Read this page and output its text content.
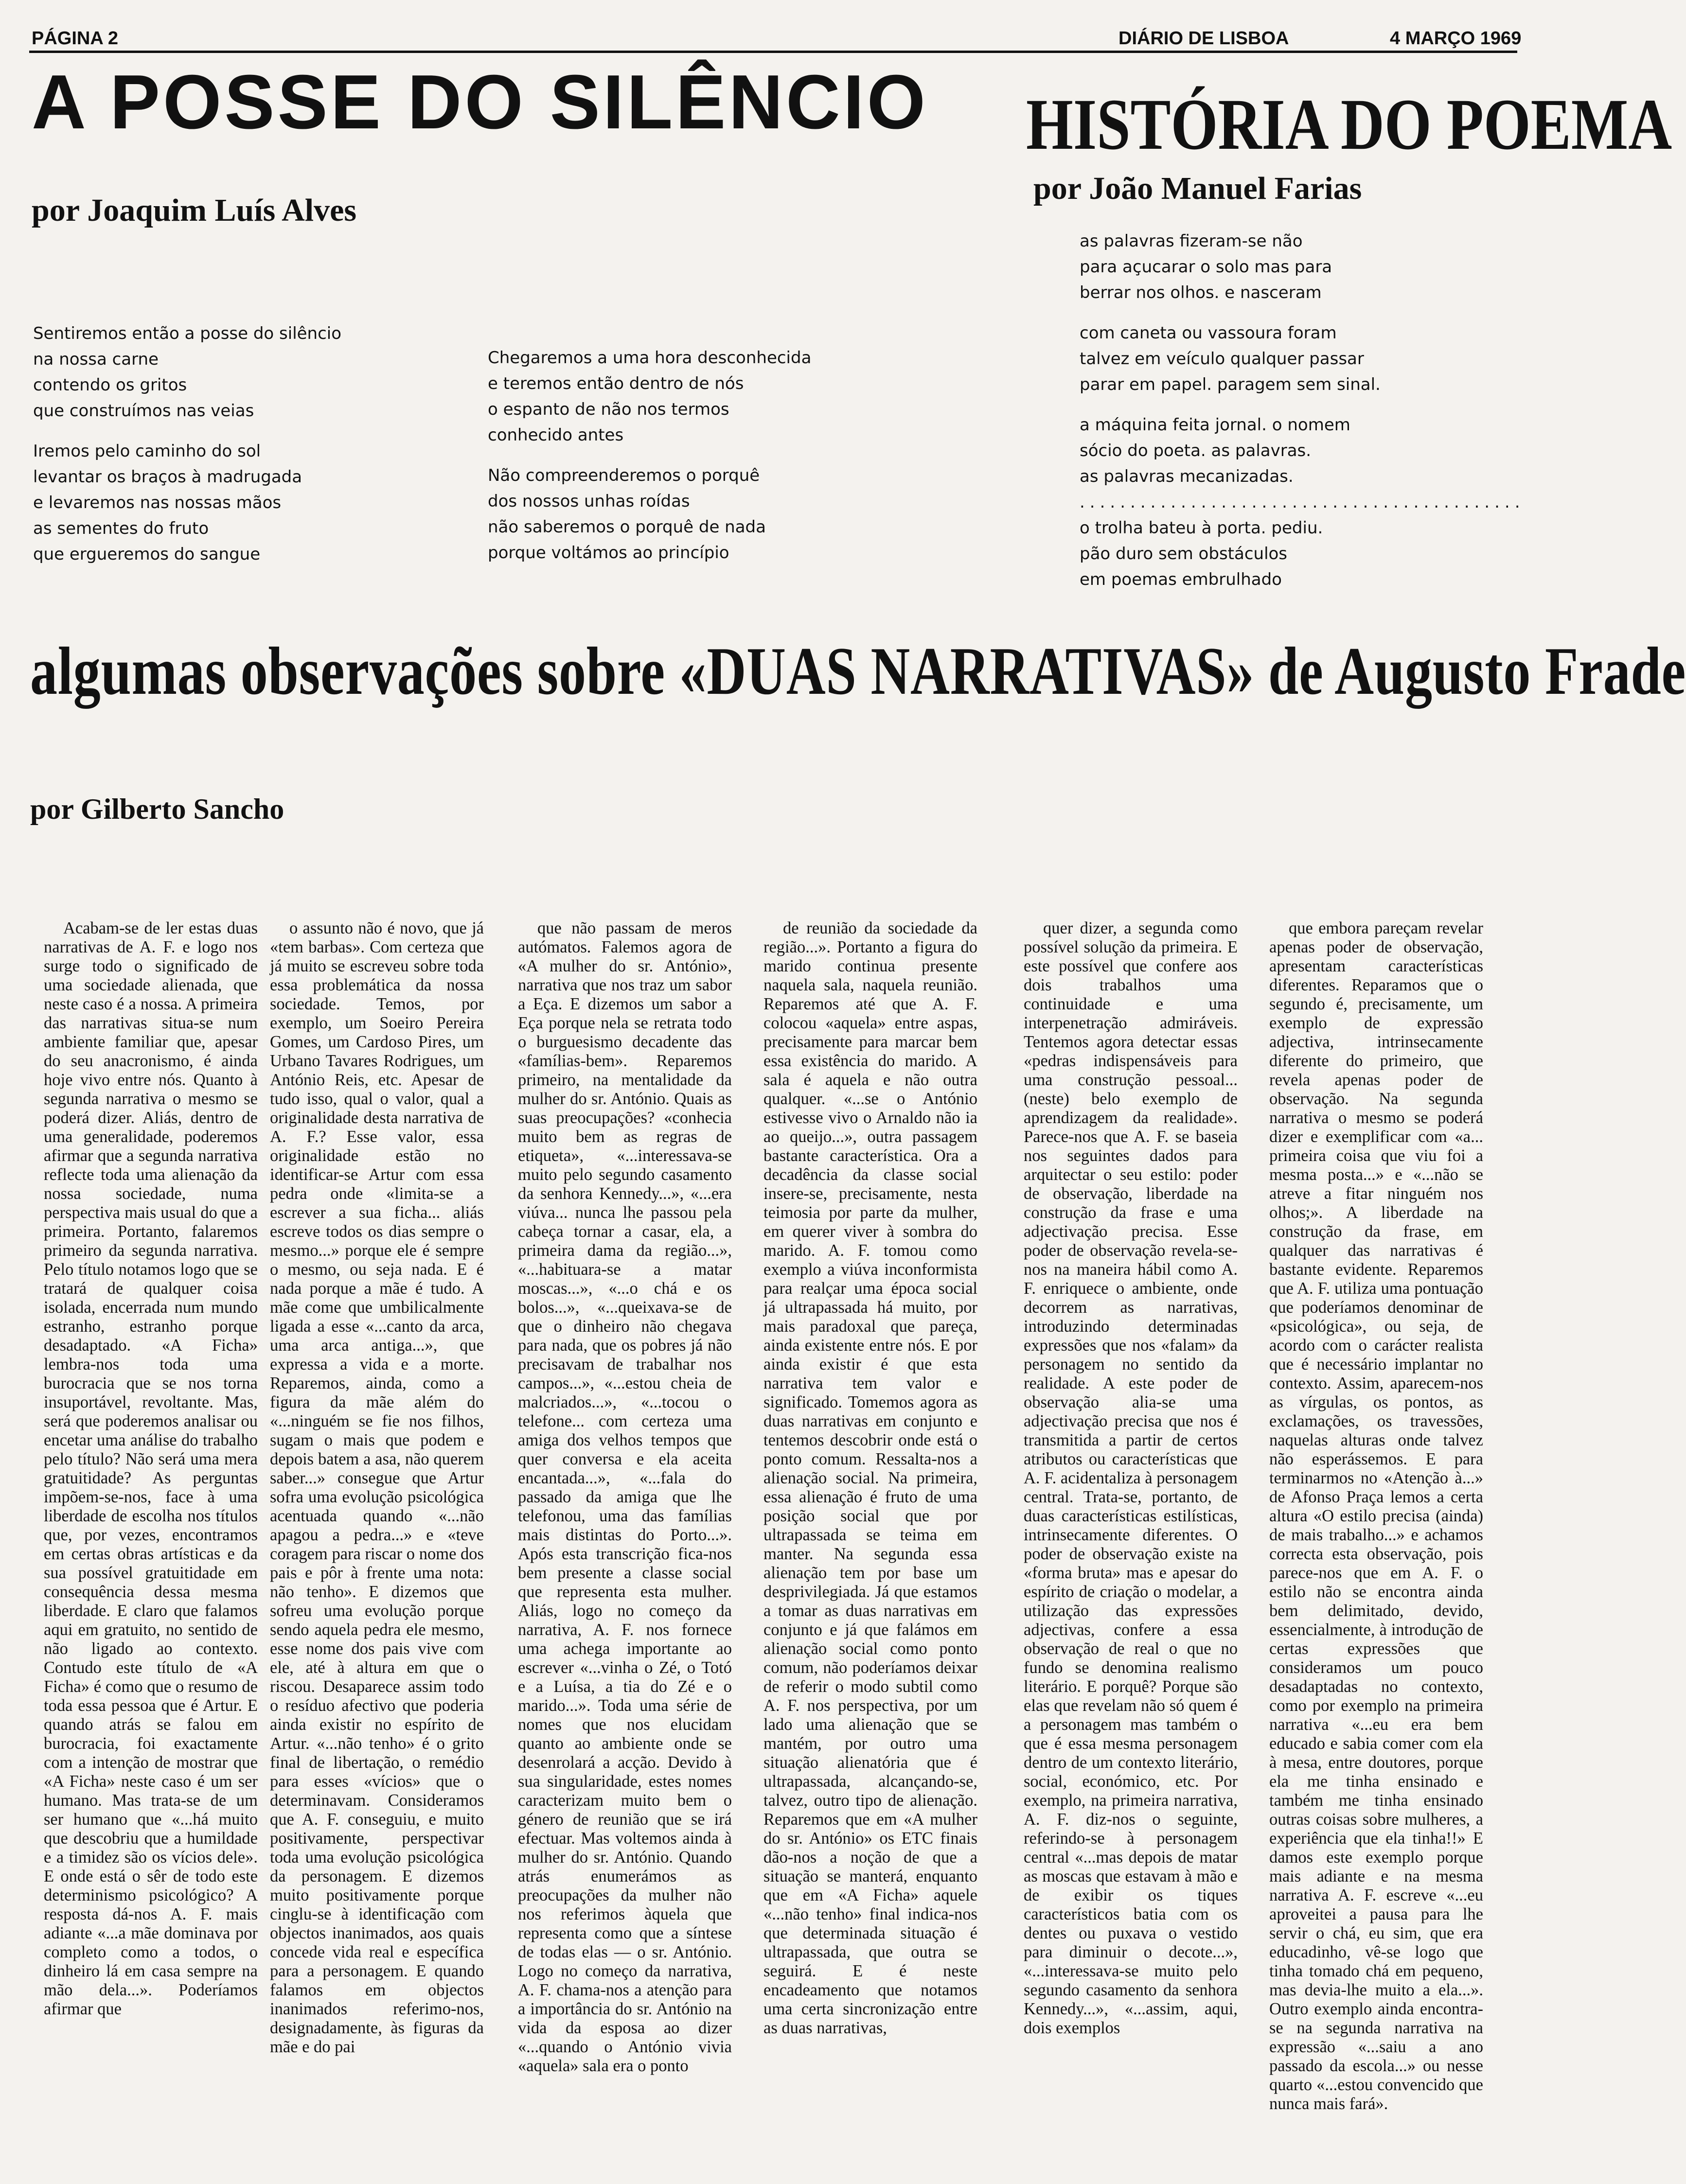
PÁGINA 2	DIÁRIO DE LISBOA	4 MARÇO 1969
A POSSE DO SILÊNCIO
por Joaquim Luís Alves
Sentiremos então a posse do silêncio
na nossa carne
contendo os gritos
que construímos nas veias
Iremos pelo caminho do sol
levantar os braços à madrugada
e levaremos nas nossas mãos
as sementes do fruto
que ergueremos do sangue
Chegaremos a uma hora desconhecida
e teremos então dentro de nós
o espanto de não nos termos
conhecido antes
Não compreenderemos o porquê
dos nossos unhas roídas
não saberemos o porquê de nada
porque voltámos ao princípio
HISTÓRIA DO POEMA
por João Manuel Farias
as palavras fizeram-se não
para açucarar o solo mas para
berrar nos olhos. e nasceram
com caneta ou vassoura foram
talvez em veículo qualquer passar
parar em papel. paragem sem sinal.
a máquina feita jornal. o nomem
sócio do poeta. as palavras.
as palavras mecanizadas.
............................................
o trolha bateu à porta. pediu.
pão duro sem obstáculos
em poemas embrulhado
algumas observações sobre «DUAS NARRATIVAS» de Augusto Frade
por Gilberto Sancho

Acabam-se de ler estas duas narrativas de A. F. e logo nos surge todo o significado de uma sociedade alienada, que neste caso é a nossa. A primeira das narrativas situa-se num ambiente familiar que, apesar do seu anacronismo, é ainda hoje vivo entre nós. Quanto à segunda narrativa o mesmo se poderá dizer. Aliás, dentro de uma generalidade, poderemos afirmar que a segunda narrativa reflecte toda uma alienação da nossa sociedade, numa perspectiva mais usual do que a primeira. Portanto, falaremos primeiro da segunda narrativa. Pelo título notamos logo que se tratará de qualquer coisa isolada, encerrada num mundo estranho, estranho porque desadaptado. «A Ficha» lembra-nos toda uma burocracia que se nos torna insuportável, revoltante. Mas, será que poderemos analisar ou encetar uma análise do trabalho pelo título? Não será uma mera gratuitidade? As perguntas impõem-se-nos, face à uma liberdade de escolha nos títulos que, por vezes, encontramos em certas obras artísticas e da sua possível gratuitidade em consequência dessa mesma liberdade. E claro que falamos aqui em gratuito, no sentido de não ligado ao contexto. Contudo este título de «A Ficha» é como que o resumo de toda essa pessoa que é Artur. E quando atrás se falou em burocracia, foi exactamente com a intenção de mostrar que «A Ficha» neste caso é um ser humano. Mas trata-se de um ser humano que «...há muito que descobriu que a humildade e a timidez são os vícios dele». E onde está o sêr de todo este determinismo psicológico? A resposta dá-nos A. F. mais adiante «...a mãe dominava por completo como a todos, o dinheiro lá em casa sempre na mão dela...». Poderíamos afirmar que

o assunto não é novo, que já «tem barbas». Com certeza que já muito se escreveu sobre toda essa problemática da nossa sociedade. Temos, por exemplo, um Soeiro Pereira Gomes, um Cardoso Pires, um Urbano Tavares Rodrigues, um António Reis, etc. Apesar de tudo isso, qual o valor, qual a originalidade desta narrativa de A. F.? Esse valor, essa originalidade estão no identificar-se Artur com essa pedra onde «limita-se a escrever a sua ficha... aliás escreve todos os dias sempre o mesmo...» porque ele é sempre o mesmo, ou seja nada. E é nada porque a mãe é tudo. A mãe come que umbilicalmente ligada a esse «...canto da arca, uma arca antiga...», que expressa a vida e a morte. Reparemos, ainda, como a figura da mãe além do «...ninguém se fie nos filhos, sugam o mais que podem e depois batem a asa, não querem saber...» consegue que Artur sofra uma evolução psicológica acentuada quando «...não apagou a pedra...» e «teve coragem para riscar o nome dos pais e pôr à frente uma nota: não tenho». E dizemos que sofreu uma evolução porque sendo aquela pedra ele mesmo, esse nome dos pais vive com ele, até à altura em que o riscou. Desaparece assim todo o resíduo afectivo que poderia ainda existir no espírito de Artur. «...não tenho» é o grito final de libertação, o remédio para esses «vícios» que o determinavam. Consideramos que A. F. conseguiu, e muito positivamente, perspectivar toda uma evolução psicológica da personagem. E dizemos muito positivamente porque cinglu-se à identificação com objectos inanimados, aos quais concede vida real e específica para a personagem. E quando falamos em objectos inanimados referimo-nos, designadamente, às figuras da mãe e do pai

que não passam de meros autómatos. Falemos agora de «A mulher do sr. António», narrativa que nos traz um sabor a Eça. E dizemos um sabor a Eça porque nela se retrata todo o burguesismo decadente das «famílias-bem». Reparemos primeiro, na mentalidade da mulher do sr. António. Quais as suas preocupações? «conhecia muito bem as regras de etiqueta», «...interessava-se muito pelo segundo casamento da senhora Kennedy...», «...era viúva... nunca lhe passou pela cabeça tornar a casar, ela, a primeira dama da região...», «...habituara-se a matar moscas...», «...o chá e os bolos...», «...queixava-se de que o dinheiro não chegava para nada, que os pobres já não precisavam de trabalhar nos campos...», «...estou cheia de malcriados...», «...tocou o telefone... com certeza uma amiga dos velhos tempos que quer conversa e ela aceita encantada...», «...fala do passado da amiga que lhe telefonou, uma das famílias mais distintas do Porto...». Após esta transcrição fica-nos bem presente a classe social que representa esta mulher. Aliás, logo no começo da narrativa, A. F. nos fornece uma achega importante ao escrever «...vinha o Zé, o Totó e a Luísa, a tia do Zé e o marido...». Toda uma série de nomes que nos elucidam quanto ao ambiente onde se desenrolará a acção. Devido à sua singularidade, estes nomes caracterizam muito bem o género de reunião que se irá efectuar. Mas voltemos ainda à mulher do sr. António. Quando atrás enumerámos as preocupações da mulher não nos referimos àquela que representa como que a síntese de todas elas — o sr. António. Logo no começo da narrativa, A. F. chama-nos a atenção para a importância do sr. António na vida da esposa ao dizer «...quando o António vivia «aquela» sala era o ponto

de reunião da sociedade da região...». Portanto a figura do marido continua presente naquela sala, naquela reunião. Reparemos até que A. F. colocou «aquela» entre aspas, precisamente para marcar bem essa existência do marido. A sala é aquela e não outra qualquer. «...se o António estivesse vivo o Arnaldo não ia ao queijo...», outra passagem bastante característica. Ora a decadência da classe social insere-se, precisamente, nesta teimosia por parte da mulher, em querer viver à sombra do marido. A. F. tomou como exemplo a viúva inconformista para realçar uma época social já ultrapassada há muito, por mais paradoxal que pareça, ainda existente entre nós. E por ainda existir é que esta narrativa tem valor e significado. Tomemos agora as duas narrativas em conjunto e tentemos descobrir onde está o ponto comum. Ressalta-nos a alienação social. Na primeira, essa alienação é fruto de uma posição social que por ultrapassada se teima em manter. Na segunda essa alienação tem por base um desprivilegiada. Já que estamos a tomar as duas narrativas em conjunto e já que falámos em alienação social como ponto comum, não poderíamos deixar de referir o modo subtil como A. F. nos perspectiva, por um lado uma alienação que se mantém, por outro uma situação alienatória que é ultrapassada, alcançando-se, talvez, outro tipo de alienação. Reparemos que em «A mulher do sr. António» os ETC finais dão-nos a noção de que a situação se manterá, enquanto que em «A Ficha» aquele «...não tenho» final indica-nos que determinada situação é ultrapassada, que outra se seguirá. E é neste encadeamento que notamos uma certa sincronização entre as duas narrativas,

quer dizer, a segunda como possível solução da primeira. E este possível que confere aos dois trabalhos uma continuidade e uma interpenetração admiráveis. Tentemos agora detectar essas «pedras indispensáveis para uma construção pessoal... (neste) belo exemplo de aprendizagem da realidade». Parece-nos que A. F. se baseia nos seguintes dados para arquitectar o seu estilo: poder de observação, liberdade na construção da frase e uma adjectivação precisa. Esse poder de observação revela-se-nos na maneira hábil como A. F. enriquece o ambiente, onde decorrem as narrativas, introduzindo determinadas expressões que nos «falam» da personagem no sentido da realidade. A este poder de observação alia-se uma adjectivação precisa que nos é transmitida a partir de certos atributos ou características que A. F. acidentaliza à personagem central. Trata-se, portanto, de duas características estilísticas, intrinsecamente diferentes. O poder de observação existe na «forma bruta» mas e apesar do espírito de criação o modelar, a utilização das expressões adjectivas, confere a essa observação de real o que no fundo se denomina realismo literário. E porquê? Porque são elas que revelam não só quem é a personagem mas também o que é essa mesma personagem dentro de um contexto literário, social, económico, etc. Por exemplo, na primeira narrativa, A. F. diz-nos o seguinte, referindo-se à personagem central «...mas depois de matar as moscas que estavam à mão e de exibir os tiques característicos batia com os dentes ou puxava o vestido para diminuir o decote...», «...interessava-se muito pelo segundo casamento da senhora Kennedy...», «...assim, aqui, dois exemplos

que embora pareçam revelar apenas poder de observação, apresentam características diferentes. Reparamos que o segundo é, precisamente, um exemplo de expressão adjectiva, intrinsecamente diferente do primeiro, que revela apenas poder de observação. Na segunda narrativa o mesmo se poderá dizer e exemplificar com «a... primeira coisa que viu foi a mesma posta...» e «...não se atreve a fitar ninguém nos olhos;». A liberdade na construção da frase, em qualquer das narrativas é bastante evidente. Reparemos que A. F. utiliza uma pontuação que poderíamos denominar de «psicológica», ou seja, de acordo com o carácter realista que é necessário implantar no contexto. Assim, aparecem-nos as vírgulas, os pontos, as exclamações, os travessões, naquelas alturas onde talvez não esperássemos. E para terminarmos no «Atenção à...» de Afonso Praça lemos a certa altura «O estilo precisa (ainda) de mais trabalho...» e achamos correcta esta observação, pois parece-nos que em A. F. o estilo não se encontra ainda bem delimitado, devido, essencialmente, à introdução de certas expressões que consideramos um pouco desadaptadas no contexto, como por exemplo na primeira narrativa «...eu era bem educado e sabia comer com ela à mesa, entre doutores, porque ela me tinha ensinado e também me tinha ensinado outras coisas sobre mulheres, a experiência que ela tinha!!» E damos este exemplo porque mais adiante e na mesma narrativa A. F. escreve «...eu aproveitei a pausa para lhe servir o chá, eu sim, que era educadinho, vê-se logo que tinha tomado chá em pequeno, mas devia-lhe muito a ela...». Outro exemplo ainda encontra-se na segunda narrativa na expressão «...saiu a ano passado da escola...» ou nesse quarto «...estou convencido que nunca mais fará».
